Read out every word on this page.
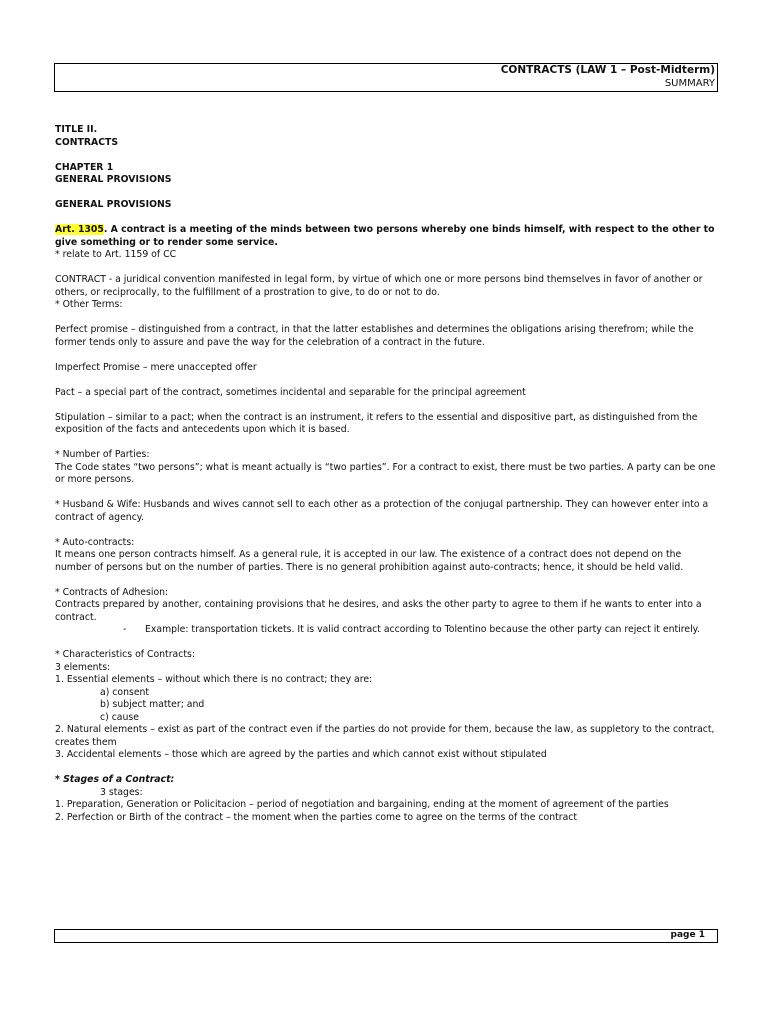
CONTRACTS (LAW 1 – Post-Midterm)
SUMMARY

TITLE II.

CONTRACTS

CHAPTER 1

GENERAL PROVISIONS

GENERAL PROVISIONS

Art. 1305. A contract is a meeting of the minds between two persons whereby one binds himself, with respect to the other to give something or to render some service.

* relate to Art. 1159 of CC

CONTRACT - a juridical convention manifested in legal form, by virtue of which one or more persons bind themselves in favor of another or others, or reciprocally, to the fulfillment of a prostration to give, to do or not to do.

* Other Terms:

Perfect promise – distinguished from a contract, in that the latter establishes and determines the obligations arising therefrom; while the former tends only to assure and pave the way for the celebration of a contract in the future.

Imperfect Promise – mere unaccepted offer

Pact – a special part of the contract, sometimes incidental and separable for the principal agreement

Stipulation – similar to a pact; when the contract is an instrument, it refers to the essential and dispositive part, as distinguished from the exposition of the facts and antecedents upon which it is based.

* Number of Parties:

The Code states “two persons”; what is meant actually is “two parties”. For a contract to exist, there must be two parties. A party can be one or more persons.

* Husband & Wife: Husbands and wives cannot sell to each other as a protection of the conjugal partnership. They can however enter into a contract of agency.

* Auto-contracts:

It means one person contracts himself. As a general rule, it is accepted in our law. The existence of a contract does not depend on the number of persons but on the number of parties. There is no general prohibition against auto-contracts; hence, it should be held valid.

* Contracts of Adhesion:

Contracts prepared by another, containing provisions that he desires, and asks the other party to agree to them if he wants to enter into a contract.

- Example: transportation tickets. It is valid contract according to Tolentino because the other party can reject it entirely.

* Characteristics of Contracts:

3 elements:

1. Essential elements – without which there is no contract; they are:

a) consent

b) subject matter; and

c) cause

2. Natural elements – exist as part of the contract even if the parties do not provide for them, because the law, as suppletory to the contract, creates them

3. Accidental elements – those which are agreed by the parties and which cannot exist without stipulated

* Stages of a Contract:

3 stages:

1. Preparation, Generation or Policitacion – period of negotiation and bargaining, ending at the moment of agreement of the parties

2. Perfection or Birth of the contract – the moment when the parties come to agree on the terms of the contract

page 1
